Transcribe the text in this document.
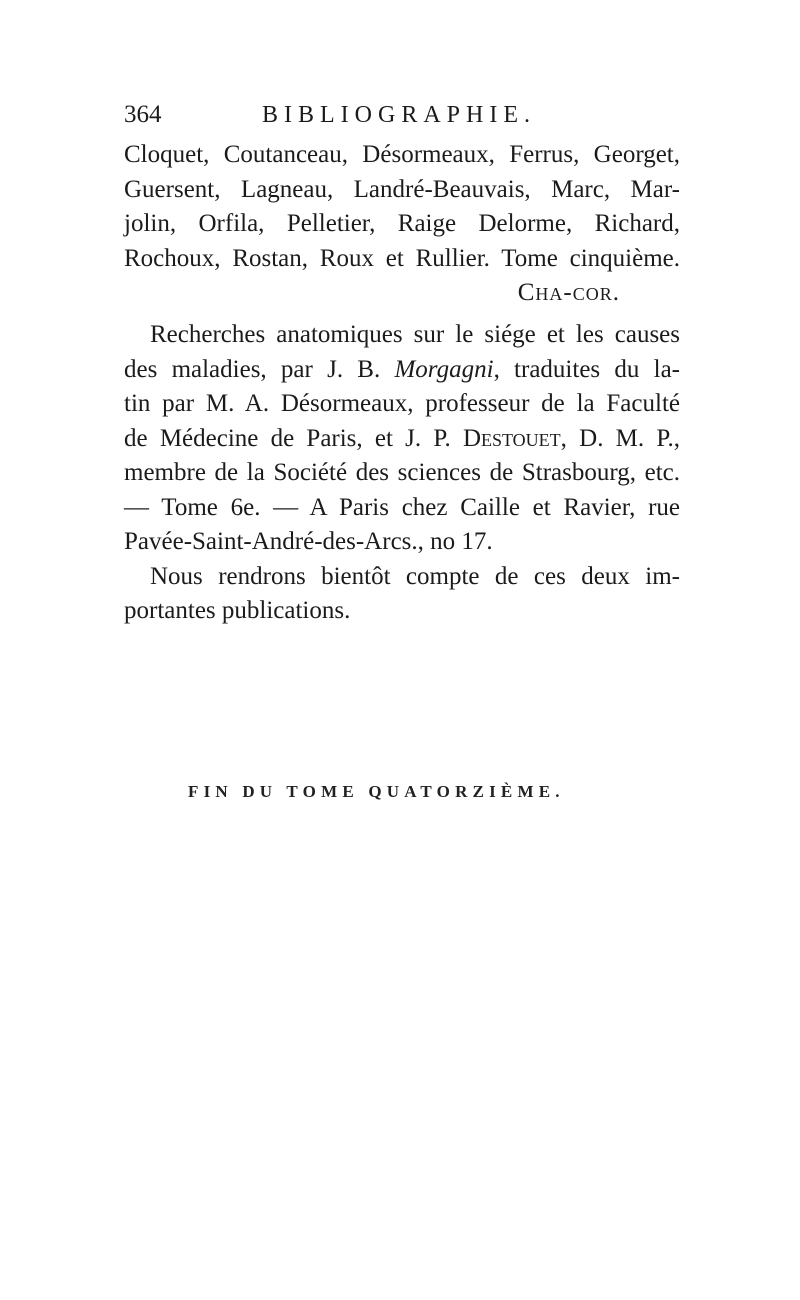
364	BIBLIOGRAPHIE.
Cloquet, Coutanceau, Désormeaux, Ferrus, Georget,
Guersent, Lagneau, Landré-Beauvais, Marc, Mar-
jolin, Orfila, Pelletier, Raige Delorme, Richard,
Rochoux, Rostan, Roux et Rullier. Tome cinquième.
Cha-cor.
Recherches anatomiques sur le siége et les causes
des maladies, par J. B. Morgagni, traduites du la-
tin par M. A. Désormeaux, professeur de la Faculté
de Médecine de Paris, et J. P. Destouet, D. M. P.,
membre de la Société des sciences de Strasbourg, etc.
— Tome 6e. — A Paris chez Caille et Ravier, rue
Pavée-Saint-André-des-Arcs., no 17.
Nous rendrons bientôt compte de ces deux im-
portantes publications.
FIN DU TOME QUATORZIÈME.
